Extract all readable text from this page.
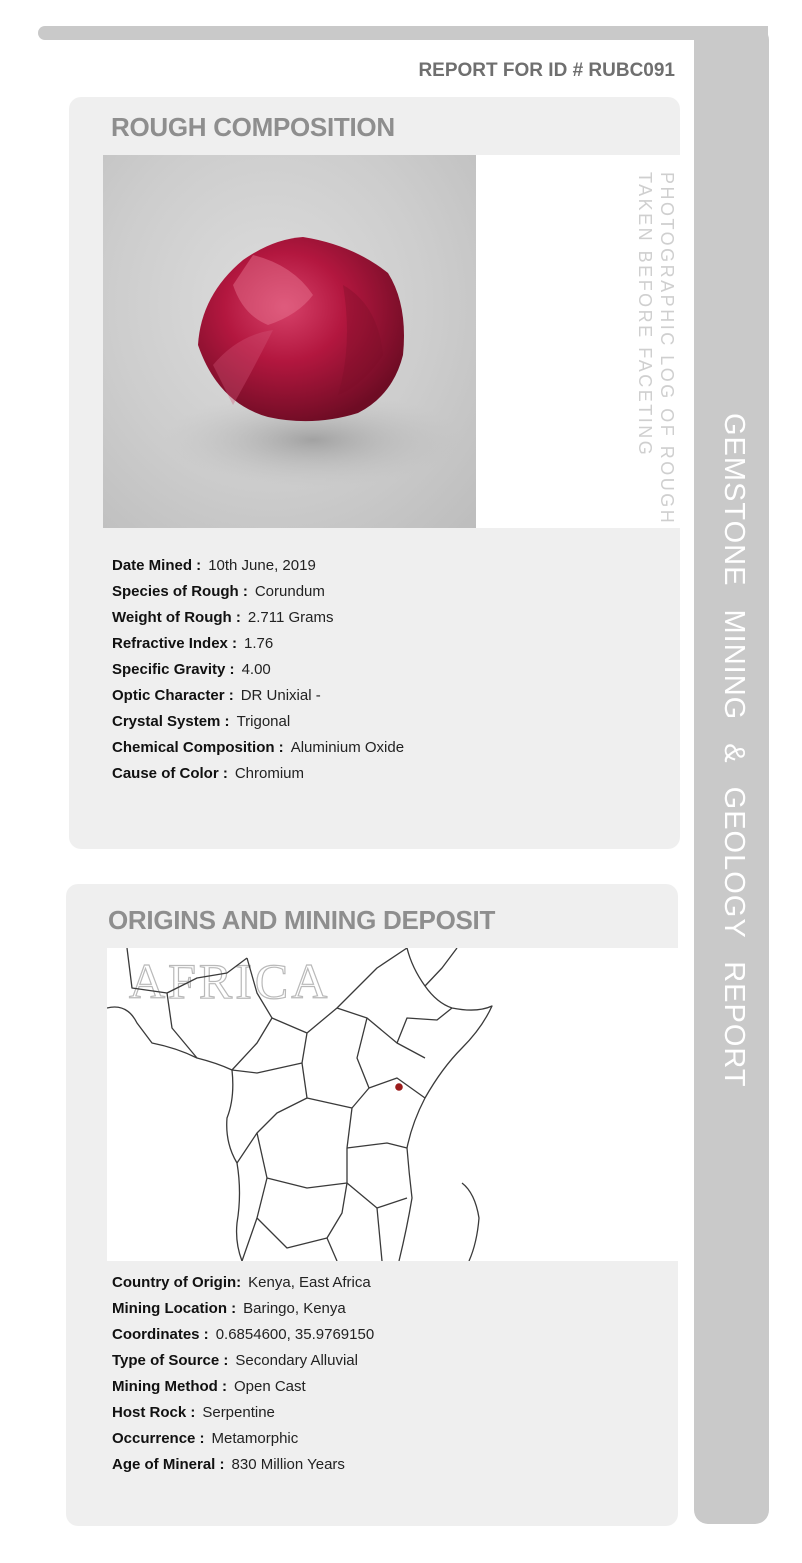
GEMSTONE MINING & GEOLOGY REPORT
REPORT FOR ID # RUBC091
ROUGH COMPOSITION
PHOTOGRAPHIC LOG OF ROUGH
TAKEN BEFORE FACETING
Date Mined : 10th June, 2019
Species of Rough : Corundum
Weight of Rough : 2.711 Grams
Refractive Index : 1.76
Specific Gravity : 4.00
Optic Character : DR Unixial -
Crystal System : Trigonal
Chemical Composition : Aluminium Oxide
Cause of Color : Chromium
ORIGINS AND MINING DEPOSIT
AFRICA
Country of Origin: Kenya, East Africa
Mining Location : Baringo, Kenya
Coordinates : 0.6854600, 35.9769150
Type of Source : Secondary Alluvial
Mining Method : Open Cast
Host Rock : Serpentine
Occurrence : Metamorphic
Age of Mineral : 830 Million Years
